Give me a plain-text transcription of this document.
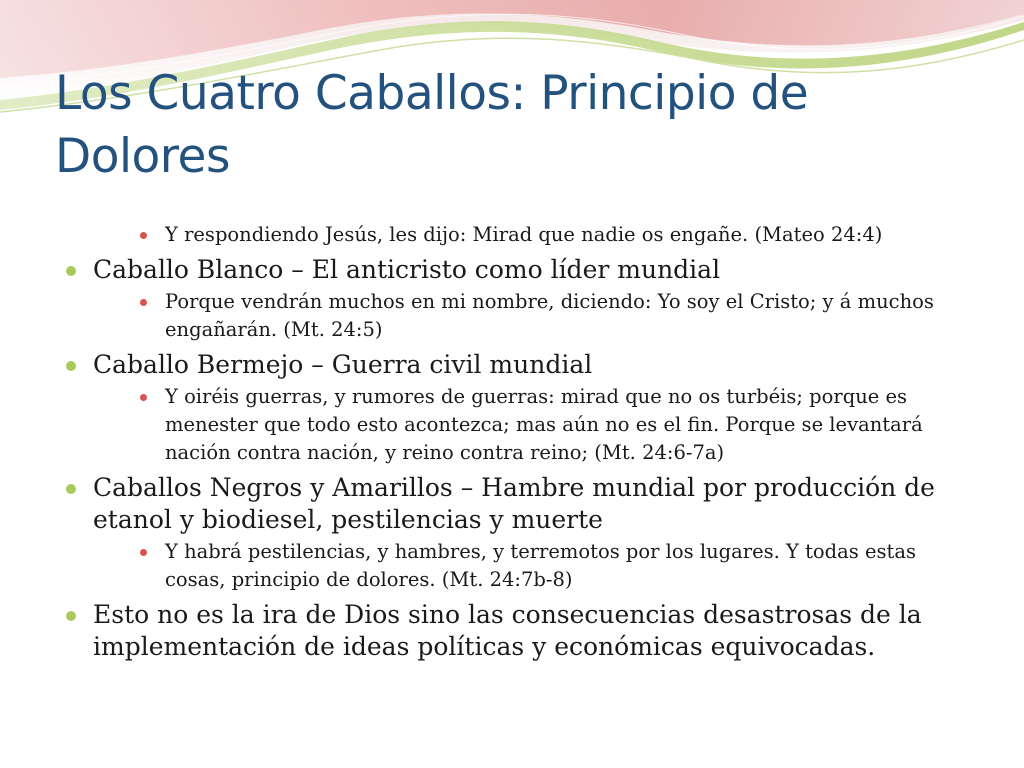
Los Cuatro Caballos: Principio de Dolores
Y respondiendo Jesús, les dijo: Mirad que nadie os engañe. (Mateo 24:4)
Caballo Blanco – El anticristo como líder mundial
Porque vendrán muchos en mi nombre, diciendo: Yo soy el Cristo; y á muchos engañarán. (Mt. 24:5)
Caballo Bermejo – Guerra civil mundial
Y oiréis guerras, y rumores de guerras: mirad que no os turbéis; porque es menester que todo esto acontezca; mas aún no es el fin. Porque se levantará nación contra nación, y reino contra reino; (Mt. 24:6-7a)
Caballos Negros y Amarillos – Hambre mundial por producción de etanol y biodiesel, pestilencias y muerte
Y habrá pestilencias, y hambres, y terremotos por los lugares. Y todas estas cosas, principio de dolores. (Mt. 24:7b-8)
Esto no es la ira de Dios sino las consecuencias desastrosas de la implementación de ideas políticas y económicas equivocadas.
